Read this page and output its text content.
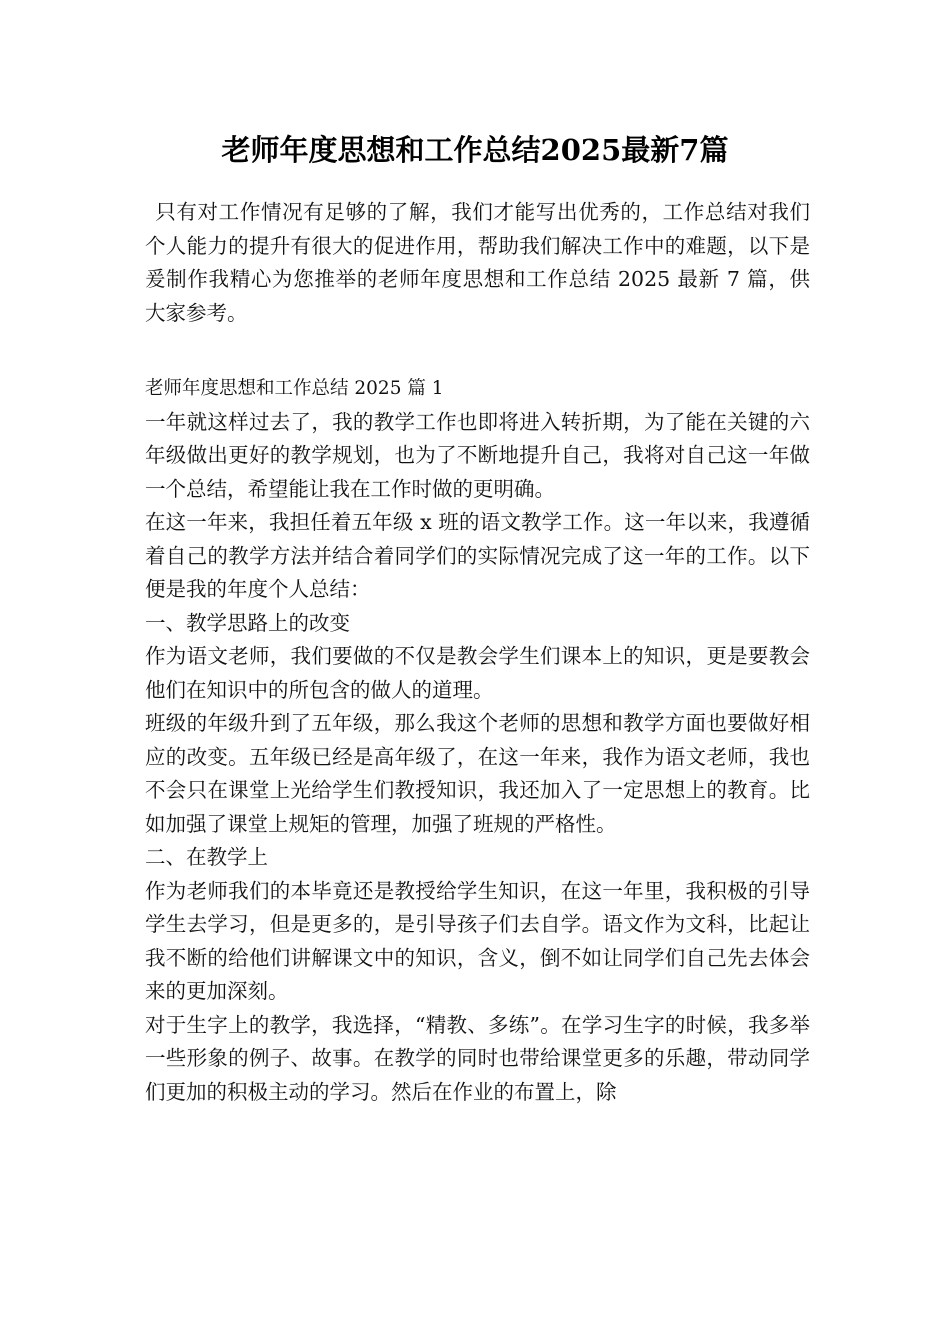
老师年度思想和工作总结2025最新7篇

只有对工作情况有足够的了解，我们才能写出优秀的，工作总结对我们个人能力的提升有很大的促进作用，帮助我们解决工作中的难题，以下是爰制作我精心为您推举的老师年度思想和工作总结 2025 最新 7 篇，供大家参考。

老师年度思想和工作总结 2025 篇 1

一年就这样过去了，我的教学工作也即将进入转折期，为了能在关键的六年级做出更好的教学规划，也为了不断地提升自己，我将对自己这一年做一个总结，希望能让我在工作时做的更明确。

在这一年来，我担任着五年级 x 班的语文教学工作。这一年以来，我遵循着自己的教学方法并结合着同学们的实际情况完成了这一年的工作。以下便是我的年度个人总结：

一、教学思路上的改变

作为语文老师，我们要做的不仅是教会学生们课本上的知识，更是要教会他们在知识中的所包含的做人的道理。

班级的年级升到了五年级，那么我这个老师的思想和教学方面也要做好相应的改变。五年级已经是高年级了，在这一年来，我作为语文老师，我也不会只在课堂上光给学生们教授知识，我还加入了一定思想上的教育。比如加强了课堂上规矩的管理，加强了班规的严格性。

二、在教学上

作为老师我们的本毕竟还是教授给学生知识，在这一年里，我积极的引导学生去学习，但是更多的，是引导孩子们去自学。语文作为文科，比起让我不断的给他们讲解课文中的知识，含义，倒不如让同学们自己先去体会来的更加深刻。

对于生字上的教学，我选择，“精教、多练”。在学习生字的时候，我多举一些形象的例子、故事。在教学的同时也带给课堂更多的乐趣，带动同学们更加的积极主动的学习。然后在作业的布置上，除
